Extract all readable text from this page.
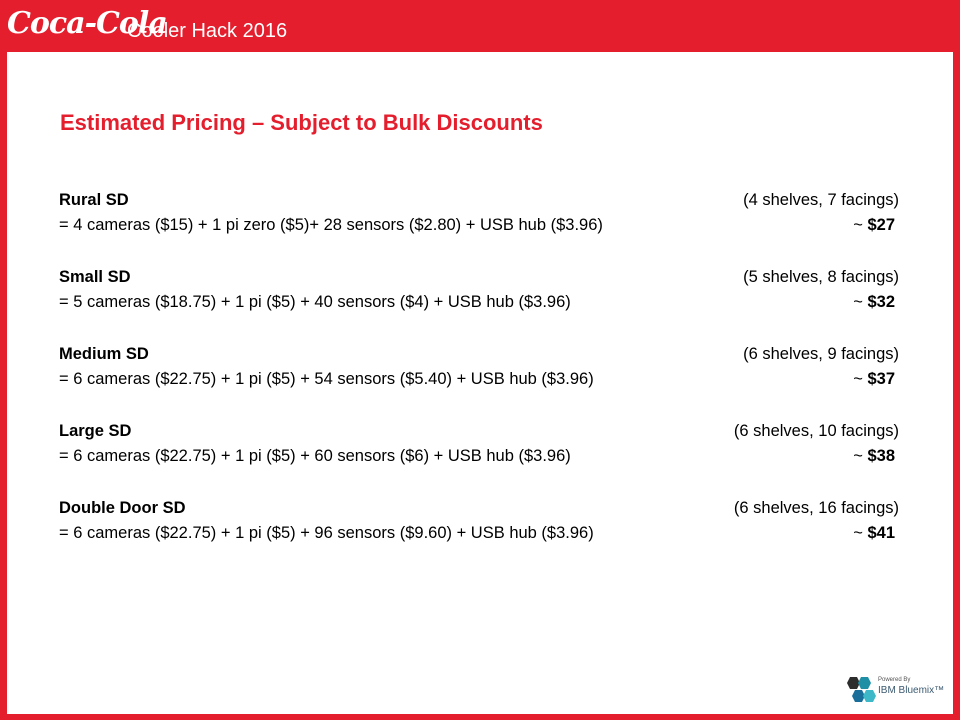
Coca-Cola
Cooler Hack 2016
Estimated Pricing – Subject to Bulk Discounts
Rural SD	(4 shelves, 7 facings)
= 4 cameras ($15) + 1 pi zero ($5)+ 28 sensors ($2.80) + USB hub ($3.96)	~ $27
Small SD	(5 shelves, 8 facings)
= 5 cameras ($18.75) + 1 pi ($5) + 40 sensors ($4) + USB hub ($3.96)	~ $32
Medium SD	(6 shelves, 9 facings)
= 6 cameras ($22.75) + 1 pi ($5) + 54 sensors ($5.40) + USB hub ($3.96)	~ $37
Large SD	(6 shelves, 10 facings)
= 6 cameras ($22.75) + 1 pi ($5) + 60 sensors ($6) + USB hub ($3.96)	~ $38
Double Door SD	(6 shelves, 16 facings)
= 6 cameras ($22.75) + 1 pi ($5) + 96 sensors ($9.60) + USB hub ($3.96)	~ $41
Powered By
IBM Bluemix™
